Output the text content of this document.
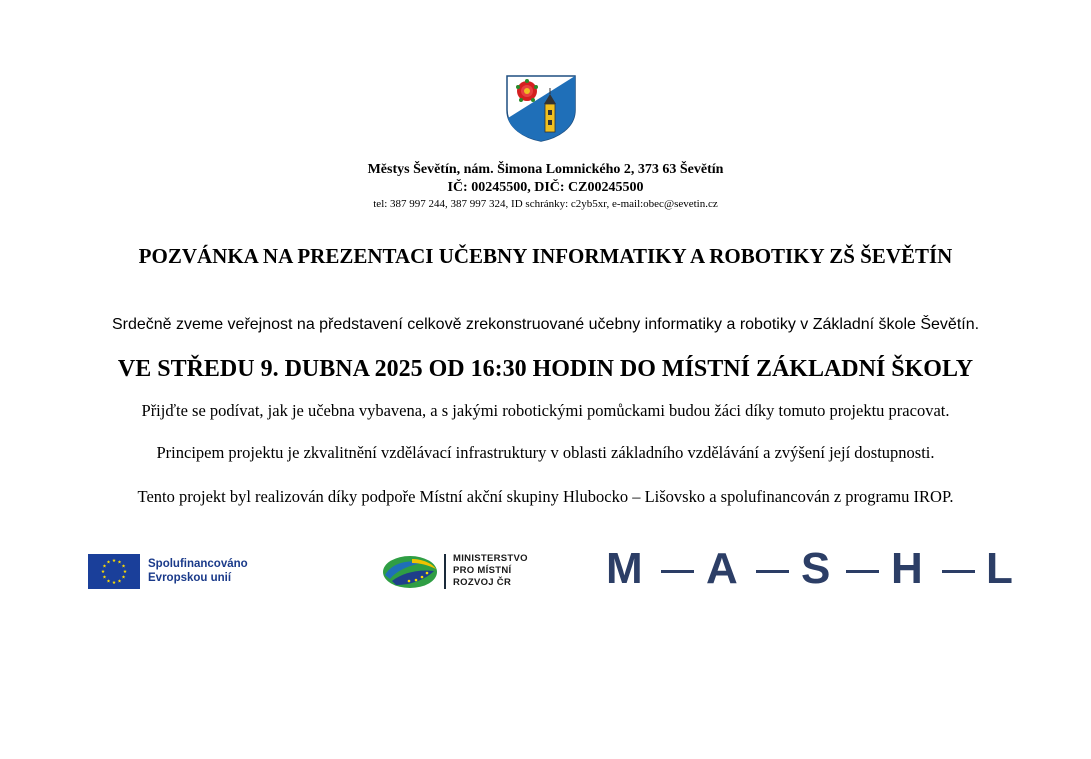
Městys Ševětín, nám. Šimona Lomnického 2, 373 63 Ševětín
IČ: 00245500, DIČ: CZ00245500
tel: 387 997 244, 387 997 324, ID schránky: c2yb5xr, e-mail:obec@sevetin.cz
POZVÁNKA NA PREZENTACI UČEBNY INFORMATIKY A ROBOTIKY ZŠ ŠEVĚTÍN
Srdečně zveme veřejnost na představení celkově zrekonstruované učebny informatiky a robotiky v Základní škole Ševětín.
VE STŘEDU 9. DUBNA 2025 OD 16:30 HODIN DO MÍSTNÍ ZÁKLADNÍ ŠKOLY
Přijďte se podívat, jak je učebna vybavena, a s jakými robotickými pomůckami budou žáci díky tomuto projektu pracovat.
Principem projektu je zkvalitnění vzdělávací infrastruktury v oblasti základního vzdělávání a zvýšení její dostupnosti.
Tento projekt byl realizován díky podpoře Místní akční skupiny Hlubocko – Lišovsko a spolufinancován z programu IROP.
Spolufinancováno
Evropskou unií
MINISTERSTVO
PRO MÍSTNÍ
ROZVOJ ČR M A S H L
